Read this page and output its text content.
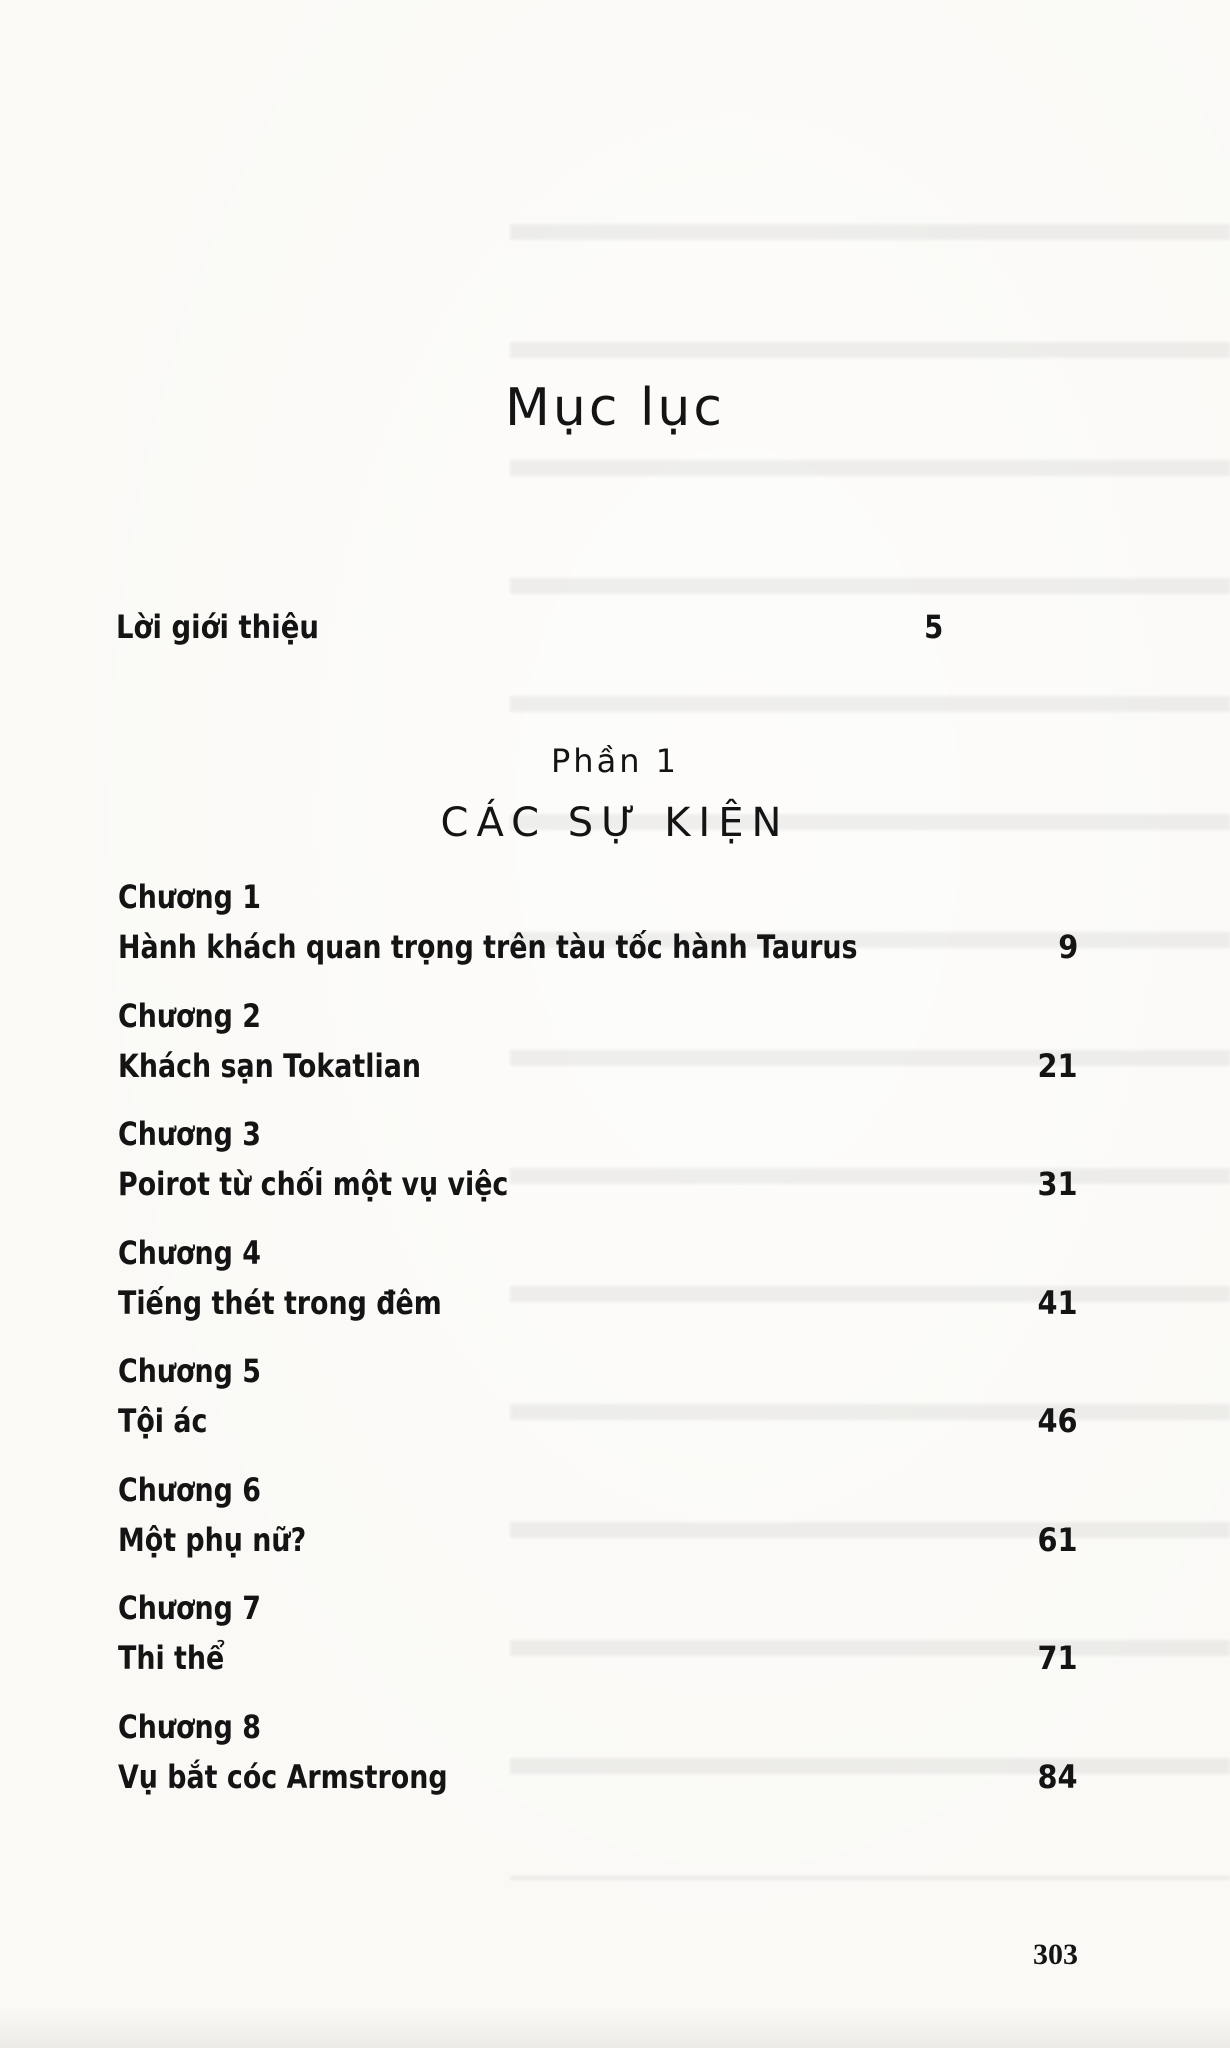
Mục lục
Lời giới thiệu	5
Phần 1
CÁC SỰ KIỆN
Chương 1
Hành khách quan trọng trên tàu tốc hành Taurus	9
Chương 2
Khách sạn Tokatlian	21
Chương 3
Poirot từ chối một vụ việc	31
Chương 4
Tiếng thét trong đêm	41
Chương 5
Tội ác	46
Chương 6
Một phụ nữ?	61
Chương 7
Thi thể	71
Chương 8
Vụ bắt cóc Armstrong	84
303
